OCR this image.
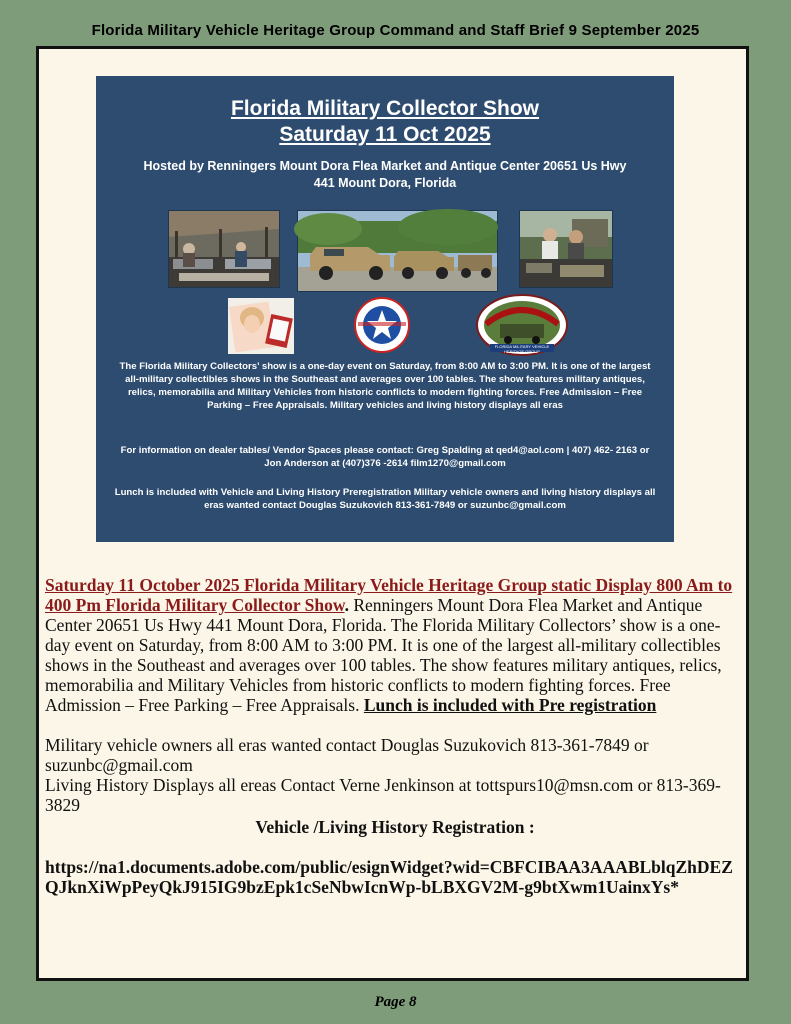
Florida Military Vehicle Heritage Group Command and Staff Brief 9 September 2025
Florida Military Collector Show
Saturday 11 Oct 2025
Hosted by Renningers Mount Dora Flea Market and Antique Center 20651 Us Hwy 441 Mount Dora, Florida
FLORIDA MILITARY VEHICLE HERITAGE GROUP
The Florida Military Collectors’ show is a one-day event on Saturday, from 8:00 AM to 3:00 PM. It is one of the largest all-military collectibles shows in the Southeast and averages over 100 tables. The show features military antiques, relics, memorabilia and Military Vehicles from historic conflicts to modern fighting forces. Free Admission – Free Parking – Free Appraisals. Military vehicles and living history displays all eras
For information on dealer tables/ Vendor Spaces please contact: Greg Spalding at qed4@aol.com | 407) 462- 2163 or Jon Anderson at (407)376 -2614 film1270@gmail.com
Lunch is included with Vehicle and Living History Preregistration Military vehicle owners and living history displays all eras wanted contact Douglas Suzukovich 813-361-7849 or suzunbc@gmail.com
Saturday 11 October 2025 Florida Military Vehicle Heritage Group static Display 800 Am to 400 Pm Florida Military Collector Show. Renningers Mount Dora Flea Market and Antique Center 20651 Us Hwy 441 Mount Dora, Florida. The Florida Military Collectors’ show is a one-day event on Saturday, from 8:00 AM to 3:00 PM. It is one of the largest all-military collectibles shows in the Southeast and averages over 100 tables. The show features military antiques, relics, memorabilia and Military Vehicles from historic conflicts to modern fighting forces. Free Admission – Free Parking – Free Appraisals. Lunch is included with Pre registration
Military vehicle owners all eras wanted contact Douglas Suzukovich 813-361-7849 or suzunbc@gmail.com
Living History Displays all ereas Contact Verne Jenkinson at tottspurs10@msn.com or 813-369-3829
Vehicle /Living History Registration :
https://na1.documents.adobe.com/public/esignWidget?wid=CBFCIBAA3AAABLblqZhDEZQJknXiWpPeyQkJ915IG9bzEpk1cSeNbwIcnWp-bLBXGV2M-g9btXwm1UainxYs*
Page 8
